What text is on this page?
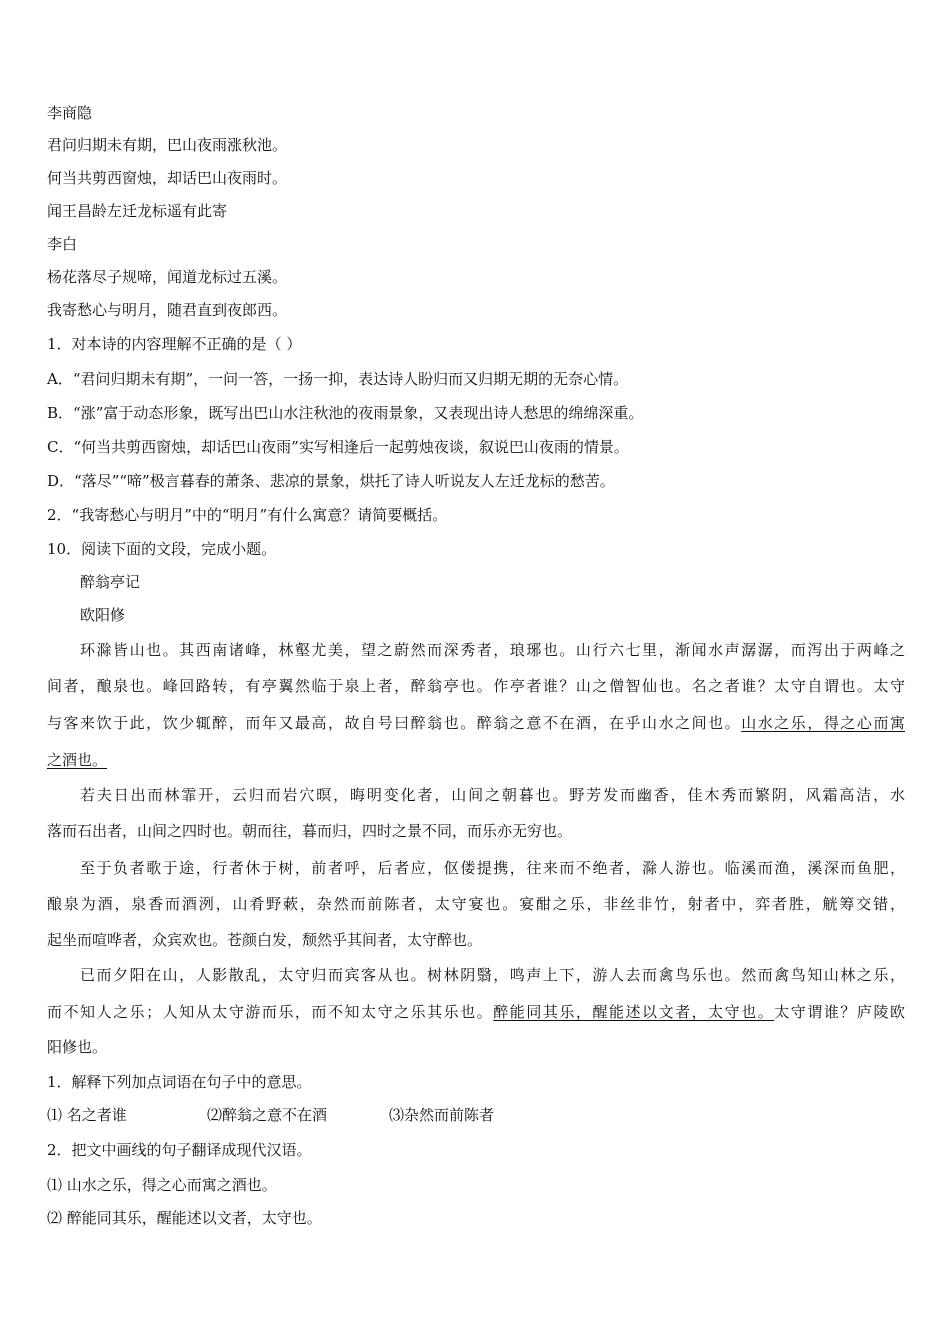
李商隐
君问归期未有期，巴山夜雨涨秋池。
何当共剪西窗烛，却话巴山夜雨时。
闻王昌龄左迁龙标遥有此寄
李白
杨花落尽子规啼，闻道龙标过五溪。
我寄愁心与明月，随君直到夜郎西。
1．对本诗的内容理解不正确的是（ ）
A．“君问归期未有期”，一问一答，一扬一抑，表达诗人盼归而又归期无期的无奈心情。
B．“涨”富于动态形象，既写出巴山水注秋池的夜雨景象，又表现出诗人愁思的绵绵深重。
C．“何当共剪西窗烛，却话巴山夜雨”实写相逢后一起剪烛夜谈，叙说巴山夜雨的情景。
D．“落尽”“啼”极言暮春的萧条、悲凉的景象，烘托了诗人听说友人左迁龙标的愁苦。
2．“我寄愁心与明月”中的“明月”有什么寓意？请简要概括。
10．阅读下面的文段，完成小题。
醉翁亭记
欧阳修
环滁皆山也。其西南诸峰，林壑尤美，望之蔚然而深秀者，琅琊也。山行六七里，渐闻水声潺潺，而泻出于两峰之
间者，酿泉也。峰回路转，有亭翼然临于泉上者，醉翁亭也。作亭者谁？山之僧智仙也。名之者谁？太守自谓也。太守
与客来饮于此，饮少辄醉，而年又最高，故自号曰醉翁也。醉翁之意不在酒，在乎山水之间也。山水之乐，得之心而寓
之酒也。
若夫日出而林霏开，云归而岩穴暝，晦明变化者，山间之朝暮也。野芳发而幽香，佳木秀而繁阴，风霜高洁，水
落而石出者，山间之四时也。朝而往，暮而归，四时之景不同，而乐亦无穷也。
至于负者歌于途，行者休于树，前者呼，后者应，伛偻提携，往来而不绝者，滁人游也。临溪而渔，溪深而鱼肥，
酿泉为酒，泉香而酒洌，山肴野蔌，杂然而前陈者，太守宴也。宴酣之乐，非丝非竹，射者中，弈者胜，觥筹交错，
起坐而喧哗者，众宾欢也。苍颜白发，颓然乎其间者，太守醉也。
已而夕阳在山，人影散乱，太守归而宾客从也。树林阴翳，鸣声上下，游人去而禽鸟乐也。然而禽鸟知山林之乐，
而不知人之乐；人知从太守游而乐，而不知太守之乐其乐也。醉能同其乐，醒能述以文者，太守也。太守谓谁？庐陵欧
阳修也。
1．解释下列加点词语在句子中的意思。
⑴ 名之者谁	⑵醉翁之意不在酒	⑶杂然而前陈者
2．把文中画线的句子翻译成现代汉语。
⑴ 山水之乐，得之心而寓之酒也。
⑵ 醉能同其乐，醒能述以文者，太守也。
